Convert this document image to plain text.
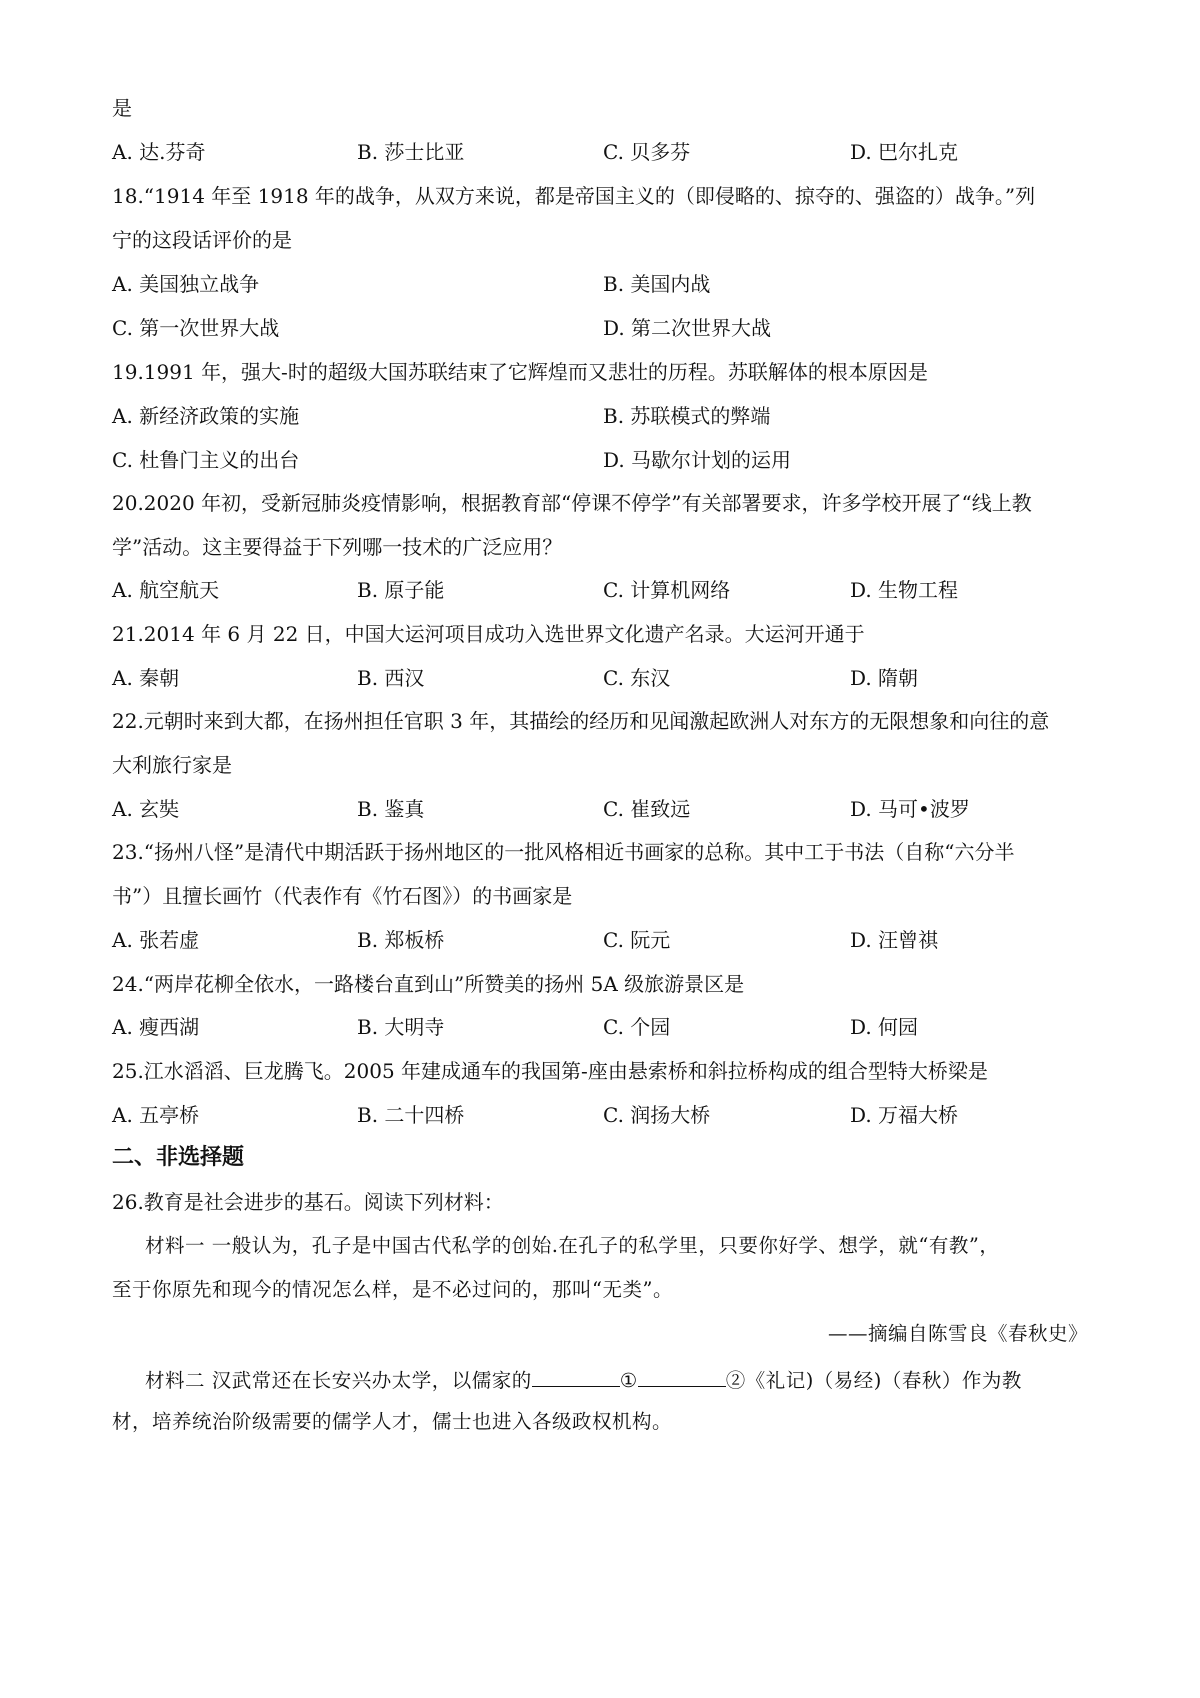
是
A. 达.芬奇	B. 莎士比亚	C. 贝多芬	D. 巴尔扎克
18.“1914 年至 1918 年的战争，从双方来说，都是帝国主义的（即侵略的、掠夺的、强盗的）战争。”列
宁的这段话评价的是
A. 美国独立战争	B. 美国内战
C. 第一次世界大战	D. 第二次世界大战
19.1991 年，强大-时的超级大国苏联结束了它辉煌而又悲壮的历程。苏联解体的根本原因是
A. 新经济政策的实施	B. 苏联模式的弊端
C. 杜鲁门主义的出台	D. 马歇尔计划的运用
20.2020 年初，受新冠肺炎疫情影响，根据教育部“停课不停学”有关部署要求，许多学校开展了“线上教
学”活动。这主要得益于下列哪一技术的广泛应用？
A. 航空航天	B. 原子能	C. 计算机网络	D. 生物工程
21.2014 年 6 月 22 日，中国大运河项目成功入选世界文化遗产名录。大运河开通于
A. 秦朝	B. 西汉	C. 东汉	D. 隋朝
22.元朝时来到大都，在扬州担任官职 3 年，其描绘的经历和见闻激起欧洲人对东方的无限想象和向往的意
大利旅行家是
A. 玄奘	B. 鉴真	C. 崔致远	D. 马可•波罗
23.“扬州八怪”是清代中期活跃于扬州地区的一批风格相近书画家的总称。其中工于书法（自称“六分半
书”）且擅长画竹（代表作有《竹石图》）的书画家是
A. 张若虚	B. 郑板桥	C. 阮元	D. 汪曾祺
24.“两岸花柳全依水，一路楼台直到山”所赞美的扬州 5A 级旅游景区是
A. 瘦西湖	B. 大明寺	C. 个园	D. 何园
25.江水滔滔、巨龙腾飞。2005 年建成通车的我国第-座由悬索桥和斜拉桥构成的组合型特大桥梁是
A. 五亭桥	B. 二十四桥	C. 润扬大桥	D. 万福大桥
二、非选择题
26.教育是社会进步的基石。阅读下列材料：
材料一 一般认为，孔子是中国古代私学的创始.在孔子的私学里，只要你好学、想学，就“有教”，
至于你原先和现今的情况怎么样，是不必过问的，那叫“无类”。
——摘编自陈雪良《春秋史》
材料二 汉武常还在长安兴办太学，以儒家的	①	②《礼记)（易经)（春秋）作为教
材，培养统治阶级需要的儒学人才，儒士也进入各级政权机构。
